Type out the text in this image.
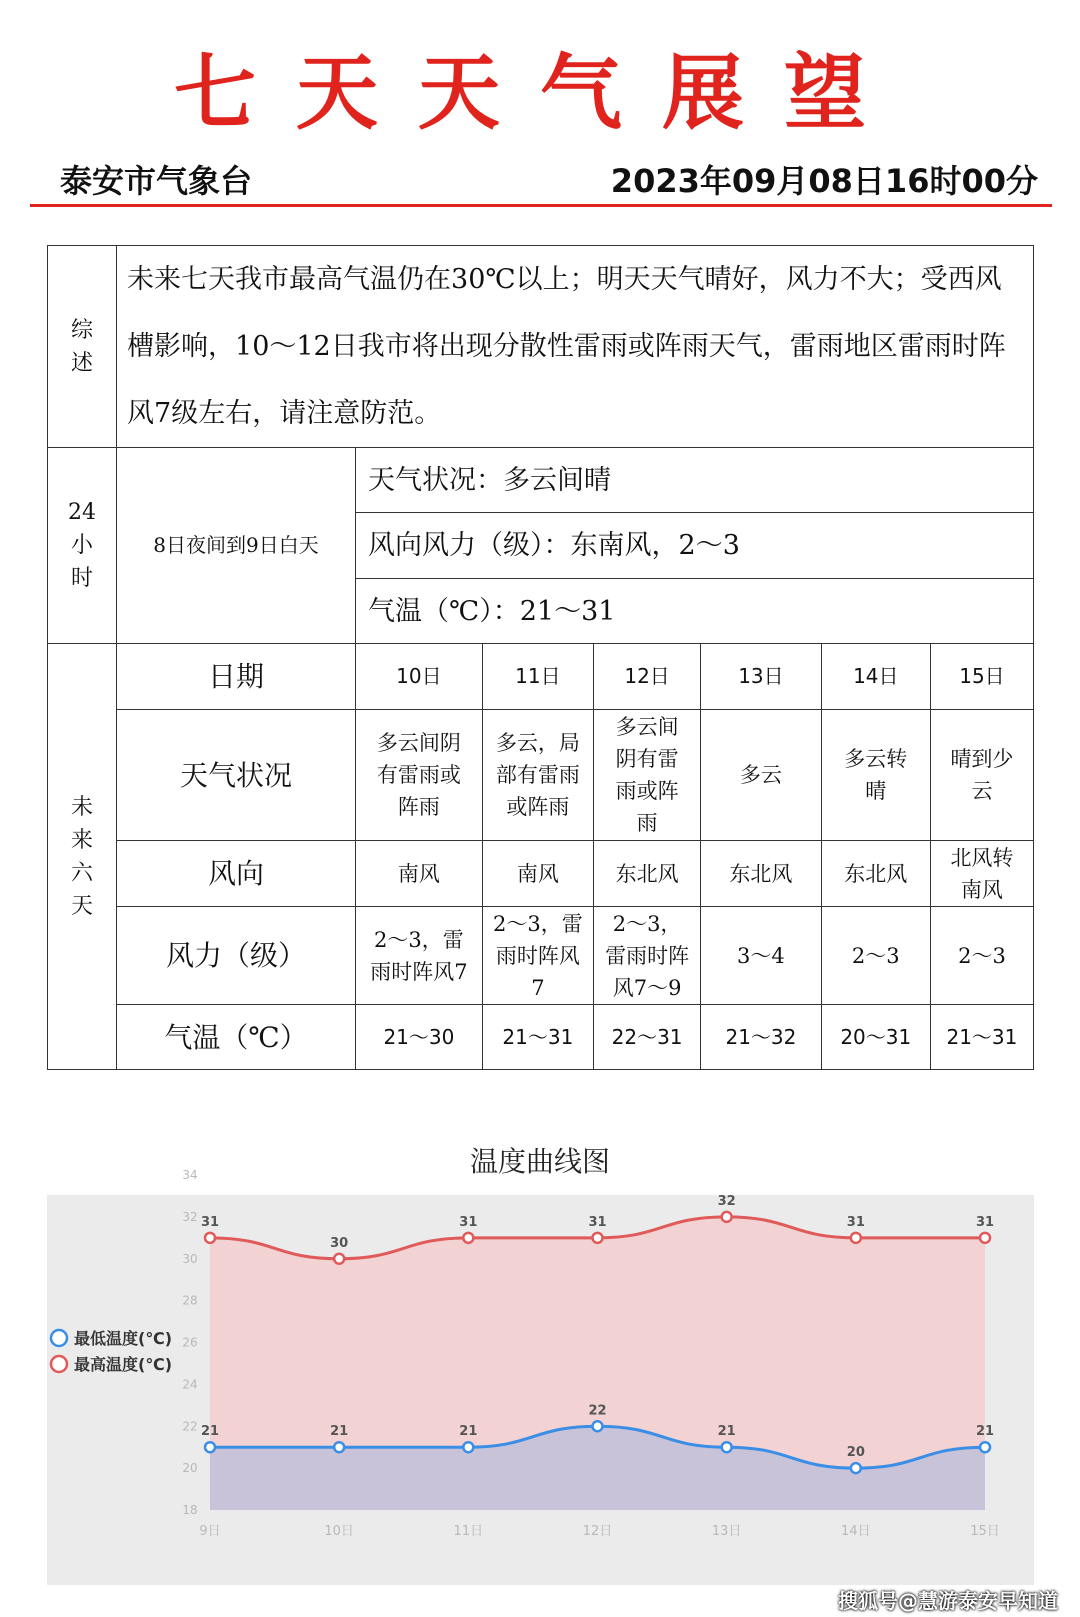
七天天气展望
泰安市气象台	2023年09月08日16时00分
综述	未来七天我市最高气温仍在30℃以上；明天天气晴好，风力不大；受西风槽影响，10～12日我市将出现分散性雷雨或阵雨天气，雷雨地区雷雨时阵风7级左右，请注意防范。						

24
小
时	8日夜间到9日白天	天气状况：多云间晴					
		风向风力（级）：东南风，2～3					
		气温（℃）：21～31					

未来六天	日期	10日	11日	12日	13日	14日	15日
	天气状况	多云间阴有雷雨或阵雨	多云，局部有雷雨或阵雨	多云间阴有雷雨或阵雨	多云	多云转晴	晴到少云

	风向	南风	南风	东北风	东北风	东北风	北风转南风

	风力（级）	2～3，雷雨时阵风7	2～3，雷雨时阵风7	2～3，雷雨时阵风7～9	3～4	2～3	2～3
	气温（℃）	21～30	21～31	22～31	21～32	20～31	21～31
温度曲线图
18
20
22
24
26
28
30
32
34
21	21	21
22
21
20
21
31
30
31	31
32
31	31
9日	10日	11日	12日	13日	14日	15日
最低温度(℃)
最高温度(℃)
搜狐号@慧游泰安早知道
